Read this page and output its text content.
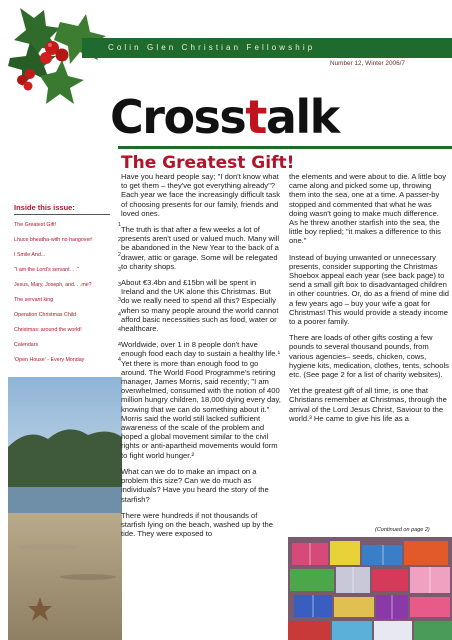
Colin Glen Christian Fellowship
Number 12, Winter 2006/7
Crosstalk
The Greatest Gift!
Inside this issue:
The Greatest Gift!	1
Lhuce bheatha-with no hangover!	2
I Smile And...	2
"I am the Lord's servant. . ."	3
Jesus, Mary, Joseph, and. . .me?	3
The servant king	3
Operation Christmas Child	4
Christmas: around the world!	4
Calendars	4
'Open House' - Every Monday	4

Have you heard people say; "I don't know what to get them – they've got everything already"? Each year we face the increasingly difficult task of choosing presents for our family, friends and loved ones.

The truth is that after a few weeks a lot of presents aren't used or valued much. Many will be abandoned in the New Year to the back of a drawer, attic or garage. Some will be relegated to charity shops.

About €3.4bn and £15bn will be spent in Ireland and the UK alone this Christmas. But do we really need to spend all this? Especially when so many people around the world cannot afford basic necessities such as food, water or healthcare.

Worldwide, over 1 in 8 people don't have enough food each day to sustain a healthy life.¹ Yet there is more than enough food to go around. The World Food Programme's retiring manager, James Morris, said recently; "I am overwhelmed, consumed with the notion of 400 million hungry children, 18,000 dying every day, knowing that we can do something about it." Morris said the world still lacked sufficient awareness of the scale of the problem and hoped a global movement similar to the civil rights or anti-apartheid movements would form to fight world hunger.²

What can we do to make an impact on a problem this size? Can we do much as individuals? Have you heard the story of the starfish?

There were hundreds if not thousands of starfish lying on the beach, washed up by the tide. They were exposed to

the elements and were about to die. A little boy came along and picked some up, throwing them into the sea, one at a time. A passer-by stopped and commented that what he was doing wasn't going to make much difference. As he threw another starfish into the sea, the little boy replied; "it makes a difference to this one."

Instead of buying unwanted or unnecessary presents, consider supporting the Christmas Shoebox appeal each year (see back page) to send a small gift box to disadvantaged children in other countries. Or, do as a friend of mine did a few years ago – buy your wife a goat for Christmas! This would provide a steady income to a poorer family.

There are loads of other gifts costing a few pounds to several thousand pounds, from various agencies– seeds, chicken, cows, hygiene kits, medication, clothes, tents, schools etc. (See page 2 for a list of charity websites).

Yet the greatest gift of all time, is one that Christians remember at Christmas, through the arrival of the Lord Jesus Christ, Saviour to the world.³ He came to give his life as a

(Continued on page 2)
